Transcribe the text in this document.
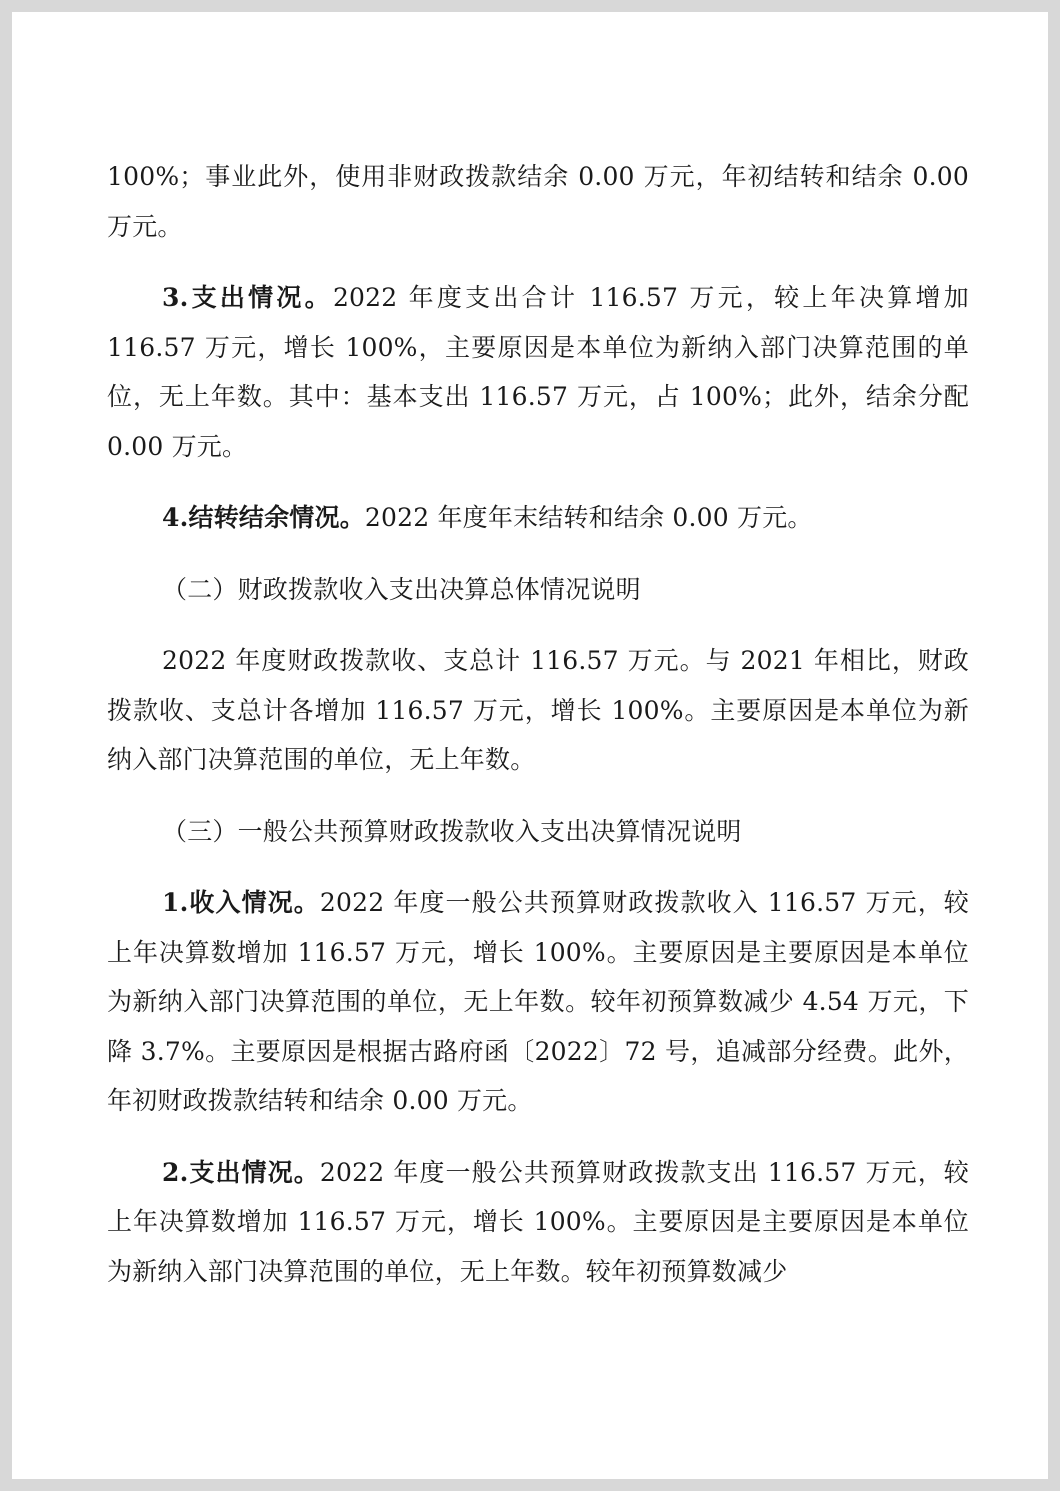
100%；事业此外，使用非财政拨款结余 0.00 万元，年初结转和结余 0.00 万元。

3.支出情况。2022 年度支出合计 116.57 万元，较上年决算增加 116.57 万元，增长 100%，主要原因是本单位为新纳入部门决算范围的单位，无上年数。其中：基本支出 116.57 万元，占 100%；此外，结余分配 0.00 万元。

4.结转结余情况。2022 年度年末结转和结余 0.00 万元。

（二）财政拨款收入支出决算总体情况说明

2022 年度财政拨款收、支总计 116.57 万元。与 2021 年相比，财政拨款收、支总计各增加 116.57 万元，增长 100%。主要原因是本单位为新纳入部门决算范围的单位，无上年数。

（三）一般公共预算财政拨款收入支出决算情况说明

1.收入情况。2022 年度一般公共预算财政拨款收入 116.57 万元，较上年决算数增加 116.57 万元，增长 100%。主要原因是主要原因是本单位为新纳入部门决算范围的单位，无上年数。较年初预算数减少 4.54 万元，下降 3.7%。主要原因是根据古路府函〔2022〕72 号，追减部分经费。此外，年初财政拨款结转和结余 0.00 万元。

2.支出情况。2022 年度一般公共预算财政拨款支出 116.57 万元，较上年决算数增加 116.57 万元，增长 100%。主要原因是主要原因是本单位为新纳入部门决算范围的单位，无上年数。较年初预算数减少
